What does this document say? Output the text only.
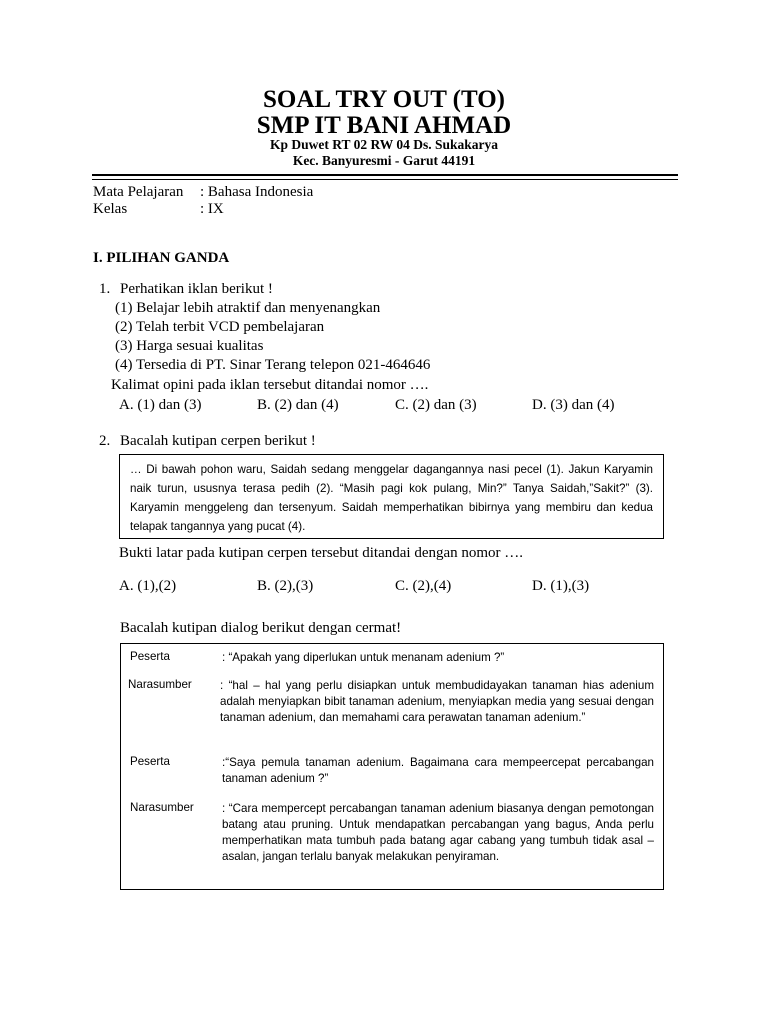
SOAL TRY OUT (TO)
SMP IT BANI AHMAD
Kp Duwet RT 02 RW 04 Ds. Sukakarya
Kec. Banyuresmi - Garut 44191
Mata Pelajaran : Bahasa Indonesia
Kelas	: IX
I. PILIHAN GANDA
1. Perhatikan iklan berikut !
(1) Belajar lebih atraktif dan menyenangkan
(2) Telah terbit VCD pembelajaran
(3) Harga sesuai kualitas
(4) Tersedia di PT. Sinar Terang telepon 021-464646
Kalimat opini pada iklan tersebut ditandai nomor ….
A. (1) dan (3)	B. (2) dan (4)	C. (2) dan (3)	D. (3) dan (4)
2. Bacalah kutipan cerpen berikut !
… Di bawah pohon waru, Saidah sedang menggelar dagangannya nasi pecel (1). Jakun Karyamin naik turun, ususnya terasa pedih (2). “Masih pagi kok pulang, Min?” Tanya Saidah,”Sakit?” (3). Karyamin menggeleng dan tersenyum. Saidah memperhatikan bibirnya yang membiru dan kedua telapak tangannya yang pucat (4).
Bukti latar pada kutipan cerpen tersebut ditandai dengan nomor ….
A. (1),(2)	B. (2),(3)	C. (2),(4)	D. (1),(3)
Bacalah kutipan dialog berikut dengan cermat!
Peserta	: “Apakah yang diperlukan untuk menanam adenium ?”
Narasumber : “hal – hal yang perlu disiapkan untuk membudidayakan tanaman hias adenium adalah menyiapkan bibit tanaman adenium, menyiapkan media yang sesuai dengan tanaman adenium, dan memahami cara perawatan tanaman adenium.”
Peserta	:“Saya pemula tanaman adenium. Bagaimana cara mempeercepat percabangan tanaman adenium ?”
Narasumber : “Cara mempercept percabangan tanaman adenium biasanya dengan pemotongan batang atau pruning. Untuk mendapatkan percabangan yang bagus, Anda perlu memperhatikan mata tumbuh pada batang agar cabang yang tumbuh tidak asal – asalan, jangan terlalu banyak melakukan penyiraman.
